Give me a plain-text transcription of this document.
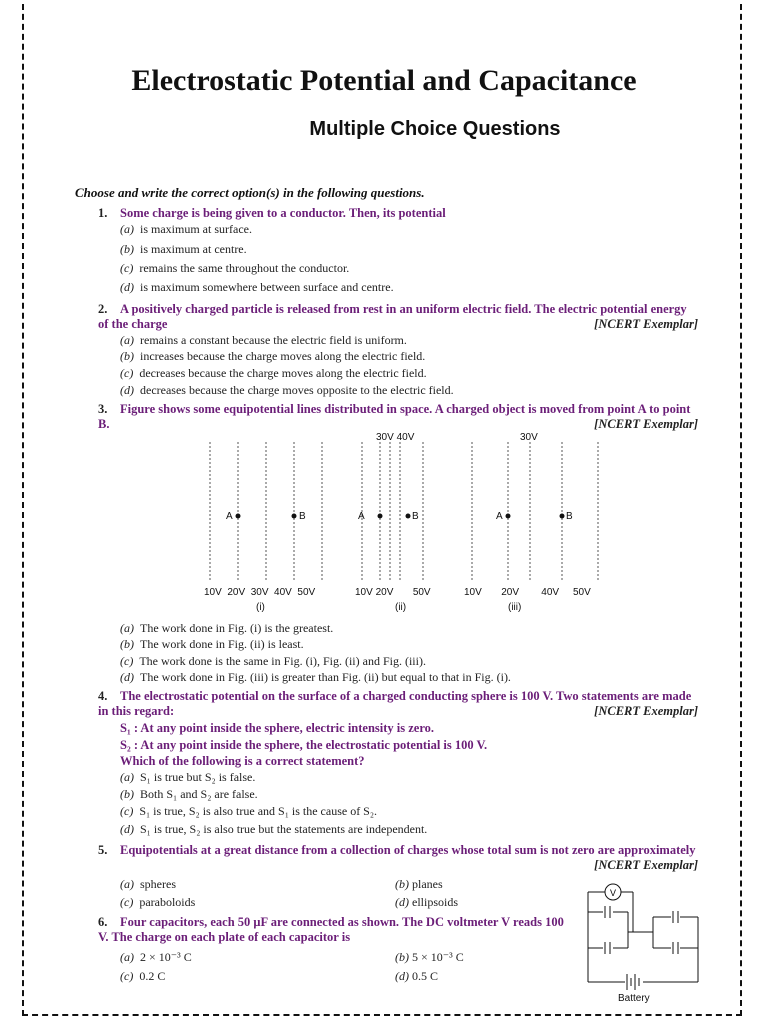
Electrostatic Potential and Capacitance
Multiple Choice Questions
Choose and write the correct option(s) in the following questions.
1. Some charge is being given to a conductor. Then, its potential
(a) is maximum at surface.
(b) is maximum at centre.
(c) remains the same throughout the conductor.
(d) is maximum somewhere between surface and centre.
2. A positively charged particle is released from rest in an uniform electric field. The electric potential energy of the charge	[NCERT Exemplar]
(a) remains a constant because the electric field is uniform.
(b) increases because the charge moves along the electric field.
(c) decreases because the charge moves along the electric field.
(d) decreases because the charge moves opposite to the electric field.
3. Figure shows some equipotential lines distributed in space. A charged object is moved from point A to point B.	[NCERT Exemplar]
A	B	A	B	A	B
30V 40V	30V
10V  20V  30V  40V  50V	10V 20V       50V	10V       20V        40V     50V
(i)	(ii)	(iii)
(a) The work done in Fig. (i) is the greatest.
(b) The work done in Fig. (ii) is least.
(c) The work done is the same in Fig. (i), Fig. (ii) and Fig. (iii).
(d) The work done in Fig. (iii) is greater than Fig. (ii) but equal to that in Fig. (i).
4. The electrostatic potential on the surface of a charged conducting sphere is 100 V. Two statements are made in this regard:	[NCERT Exemplar]
S₁ : At any point inside the sphere, electric intensity is zero.
S₂ : At any point inside the sphere, the electrostatic potential is 100 V.
Which of the following is a correct statement?
(a) S₁ is true but S₂ is false.
(b) Both S₁ and S₂ are false.
(c) S₁ is true, S₂ is also true and S₁ is the cause of S₂.
(d) S₁ is true, S₂ is also true but the statements are independent.
5. Equipotentials at a great distance from a collection of charges whose total sum is not zero are approximately
[NCERT Exemplar]
(a) spheres	(b) planes
(c) paraboloids	(d) ellipsoids
6. Four capacitors, each 50 μF are connected as shown. The DC voltmeter V reads 100 V. The charge on each plate of each capacitor is
(a) 2 × 10⁻³ C	(b) 5 × 10⁻³ C
(c) 0.2 C	(d) 0.5 C
V
Battery
